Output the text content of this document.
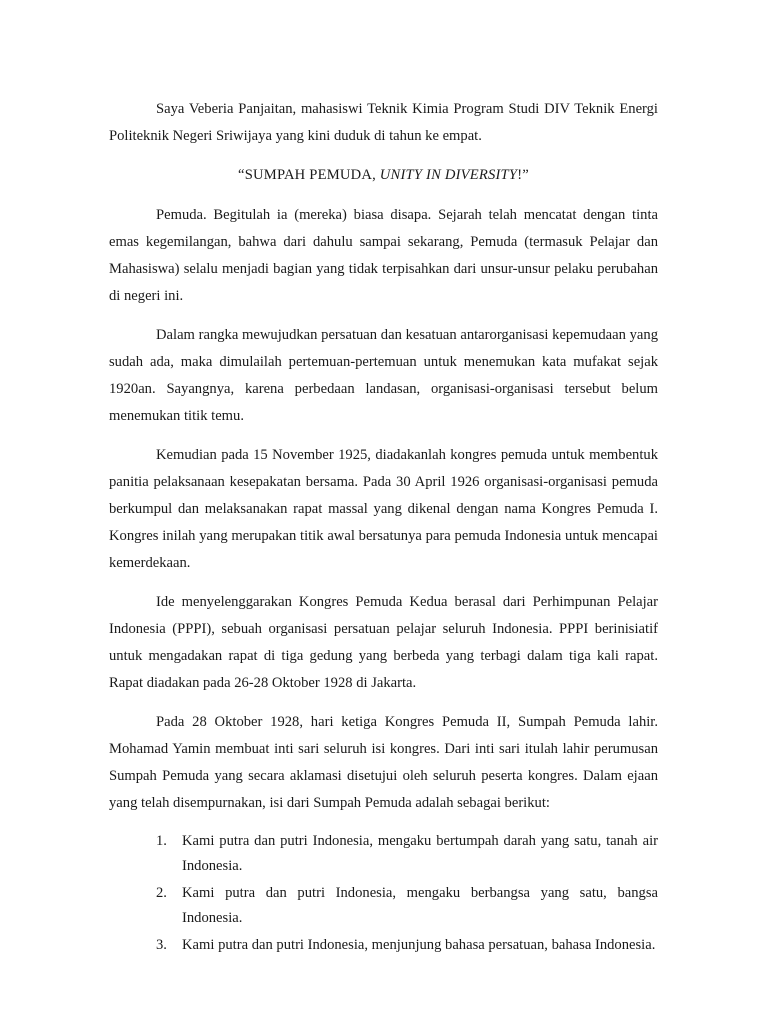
Saya Veberia Panjaitan, mahasiswi Teknik Kimia Program Studi DIV Teknik Energi Politeknik Negeri Sriwijaya yang kini duduk di tahun ke empat.

“SUMPAH PEMUDA, UNITY IN DIVERSITY!”

Pemuda. Begitulah ia (mereka) biasa disapa. Sejarah telah mencatat dengan tinta emas kegemilangan, bahwa dari dahulu sampai sekarang, Pemuda (termasuk Pelajar dan Mahasiswa) selalu menjadi bagian yang tidak terpisahkan dari unsur-unsur pelaku perubahan di negeri ini.

Dalam rangka mewujudkan persatuan dan kesatuan antarorganisasi kepemudaan yang sudah ada, maka dimulailah pertemuan-pertemuan untuk menemukan kata mufakat sejak 1920an. Sayangnya, karena perbedaan landasan, organisasi-organisasi tersebut belum menemukan titik temu.

Kemudian pada 15 November 1925, diadakanlah kongres pemuda untuk membentuk panitia pelaksanaan kesepakatan bersama. Pada 30 April 1926 organisasi-organisasi pemuda berkumpul dan melaksanakan rapat massal yang dikenal dengan nama Kongres Pemuda I. Kongres inilah yang merupakan titik awal bersatunya para pemuda Indonesia untuk mencapai kemerdekaan.

Ide menyelenggarakan Kongres Pemuda Kedua berasal dari Perhimpunan Pelajar Indonesia (PPPI), sebuah organisasi persatuan pelajar seluruh Indonesia. PPPI berinisiatif untuk mengadakan rapat di tiga gedung yang berbeda yang terbagi dalam tiga kali rapat. Rapat diadakan pada 26-28 Oktober 1928 di Jakarta.

Pada 28 Oktober 1928, hari ketiga Kongres Pemuda II, Sumpah Pemuda lahir. Mohamad Yamin membuat inti sari seluruh isi kongres. Dari inti sari itulah lahir perumusan Sumpah Pemuda yang secara aklamasi disetujui oleh seluruh peserta kongres. Dalam ejaan yang telah disempurnakan, isi dari Sumpah Pemuda adalah sebagai berikut:

1. Kami putra dan putri Indonesia, mengaku bertumpah darah yang satu, tanah air Indonesia.
2. Kami putra dan putri Indonesia, mengaku berbangsa yang satu, bangsa Indonesia.
3. Kami putra dan putri Indonesia, menjunjung bahasa persatuan, bahasa Indonesia.
